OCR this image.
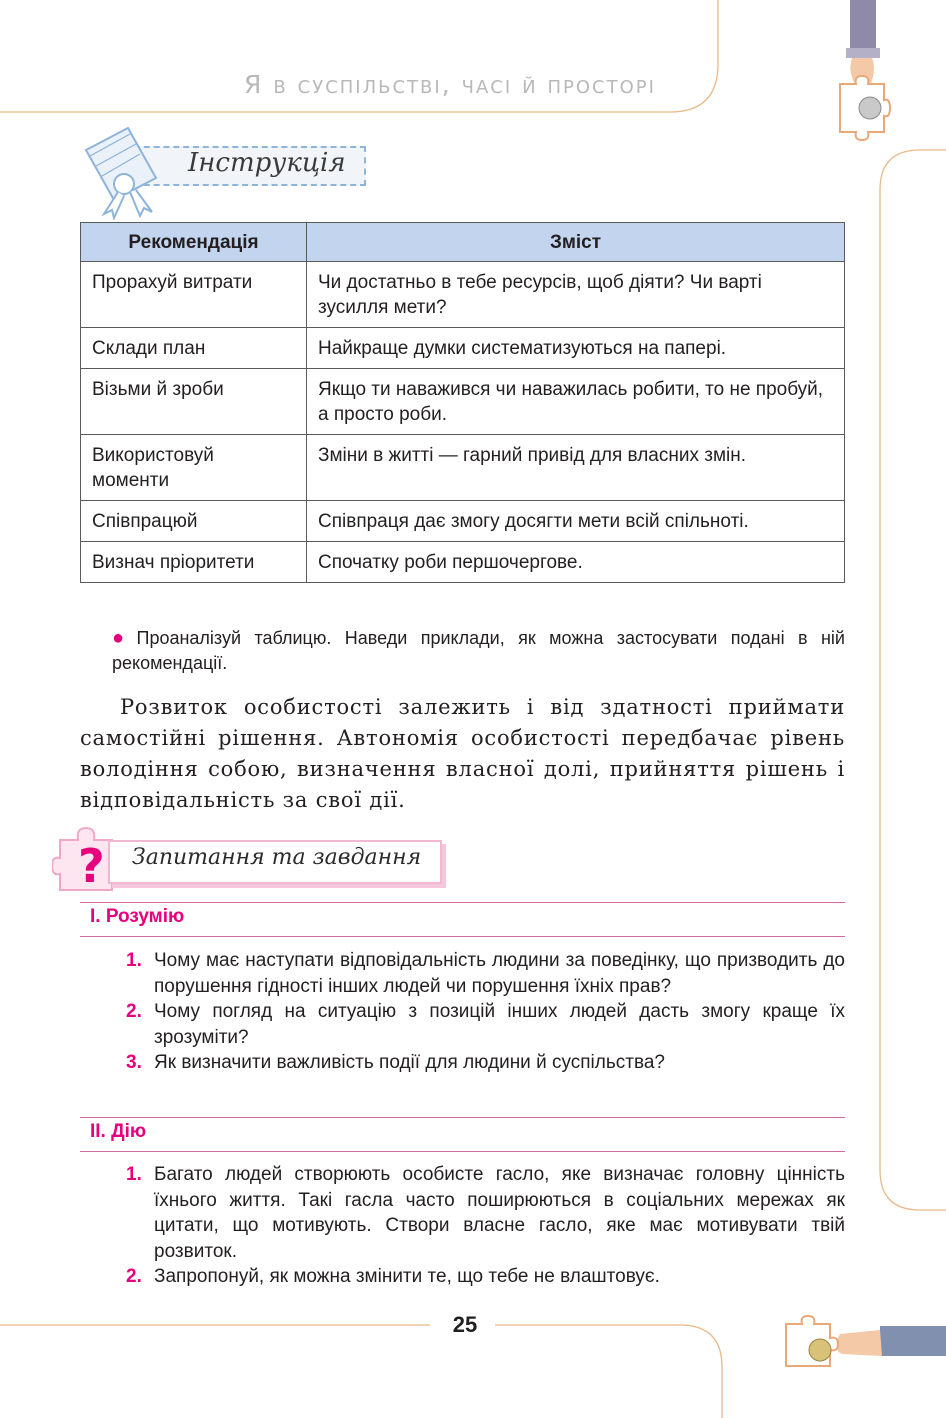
Я в суспільстві, часі й просторі
Інструкція
Рекомендація	Зміст
Прорахуй витрати	Чи достатньо в тебе ресурсів, щоб діяти? Чи варті зусилля мети?
Склади план	Найкраще думки систематизуються на папері.
Візьми й зроби	Якщо ти наважився чи наважилась робити, то не пробуй, а просто роби.
Використовуй моменти	Зміни в житті — гарний привід для власних змін.
Співпрацюй	Співпраця дає змогу досягти мети всій спільноті.
Визнач пріоритети	Спочатку роби першочергове.
● Проаналізуй таблицю. Наведи приклади, як можна застосувати подані в ній рекомендації.
Розвиток особистості залежить і від здатності приймати самостійні рішення. Автономія особистості передбачає рівень володіння собою, визначення власної долі, прийняття рішень і відповідальність за свої дії.
? Запитання та завдання
І. Розумію
1. Чому має наступати відповідальність людини за поведінку, що призводить до порушення гідності інших людей чи порушення їхніх прав?
2. Чому погляд на ситуацію з позицій інших людей дасть змогу краще їх зрозуміти?
3. Як визначити важливість події для людини й суспільства?
ІІ. Дію
1. Багато людей створюють особисте гасло, яке визначає головну цінність їхнього життя. Такі гасла часто поширюються в соціальних мережах як цитати, що мотивують. Створи власне гасло, яке має мотивувати твій розвиток.
2. Запропонуй, як можна змінити те, що тебе не влаштовує.
25
